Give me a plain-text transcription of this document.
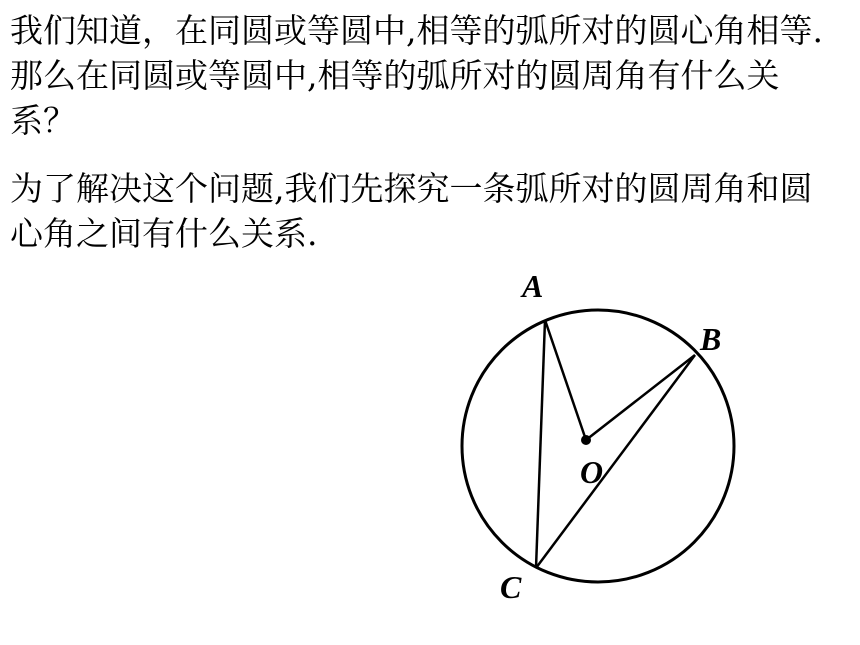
我们知道，在同圆或等圆中,相等的弧所对的圆心角相等.那么在同圆或等圆中,相等的弧所对的圆周角有什么关系？

为了解决这个问题,我们先探究一条弧所对的圆周角和圆心角之间有什么关系.

A
B
O
C
